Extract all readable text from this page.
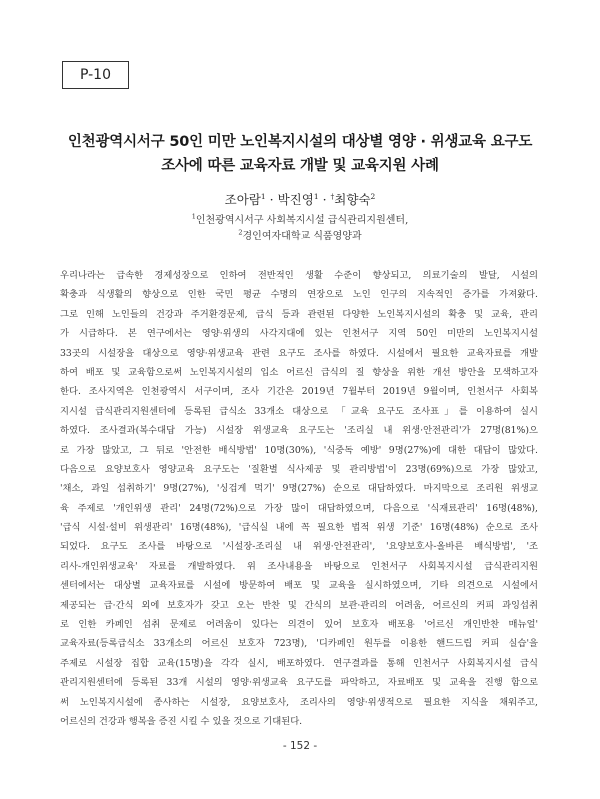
P-10
인천광역시서구 50인 미만 노인복지시설의 대상별 영양 · 위생교육 요구도
조사에 따른 교육자료 개발 및 교육지원 사례
조아람$^1$ · 박진영$^1$ · †최향숙$^2$
$^1$인천광역시서구 사회복지시설 급식관리지원센터,
$^2$경인여자대학교 식품영양과
우리나라는 급속한 경제성장으로 인하여 전반적인 생활 수준이 향상되고, 의료기술의 발달, 시설의
확충과 식생활의 향상으로 인한 국민 평균 수명의 연장으로 노인 인구의 지속적인 증가를 가져왔다.
그로 인해 노인들의 건강과 주거환경문제, 급식 등과 관련된 다양한 노인복지시설의 확충 및 교육, 관리
가 시급하다. 본 연구에서는 영양·위생의 사각지대에 있는 인천서구 지역 50인 미만의 노인복지시설
33곳의 시설장을 대상으로 영양·위생교육 관련 요구도 조사를 하였다. 시설에서 필요한 교육자료를 개발
하여 배포 및 교육함으로써 노인복지시설의 입소 어르신 급식의 질 향상을 위한 개선 방안을 모색하고자
한다. 조사지역은 인천광역시 서구이며, 조사 기간은 2019년 7월부터 2019년 9월이며, 인천서구 사회복
지시설 급식관리지원센터에 등록된 급식소 33개소 대상으로 「교육 요구도 조사표」를 이용하여 실시
하였다. 조사결과(복수대답 가능) 시설장 위생교육 요구도는 '조리실 내 위생·안전관리'가 27명(81%)으
로 가장 많았고, 그 뒤로 '안전한 배식방법' 10명(30%), '식중독 예방' 9명(27%)에 대한 대답이 많았다.
다음으로 요양보호사 영양교육 요구도는 '질환별 식사제공 및 관리방법'이 23명(69%)으로 가장 많았고,
'채소, 과일 섭취하기' 9명(27%), '싱겁게 먹기' 9명(27%) 순으로 대답하였다. 마지막으로 조리원 위생교
육 주제로 '개인위생 관리' 24명(72%)으로 가장 많이 대답하였으며, 다음으로 '식재료관리' 16명(48%),
'급식 시설·설비 위생관리' 16명(48%), '급식실 내에 꼭 필요한 법적 위생 기준' 16명(48%) 순으로 조사
되었다. 요구도 조사를 바탕으로 '시설장-조리실 내 위생·안전관리', '요양보호사-올바른 배식방법', '조
리사-개인위생교육' 자료를 개발하였다. 위 조사내용을 바탕으로 인천서구 사회복지시설 급식관리지원
센터에서는 대상별 교육자료를 시설에 방문하여 배포 및 교육을 실시하였으며, 기타 의견으로 시설에서
제공되는 급·간식 외에 보호자가 갖고 오는 반찬 및 간식의 보관·관리의 어려움, 어르신의 커피 과잉섭취
로 인한 카페인 섭취 문제로 어려움이 있다는 의견이 있어 보호자 배포용 '어르신 개인반찬 매뉴얼'
교육자료(등록급식소 33개소의 어르신 보호자 723명), '디카페인 원두를 이용한 핸드드립 커피 실습'을
주제로 시설장 집합 교육(15명)을 각각 실시, 배포하였다. 연구결과를 통해 인천서구 사회복지시설 급식
관리지원센터에 등록된 33개 시설의 영양·위생교육 요구도를 파악하고, 자료배포 및 교육을 진행 함으로
써 노인복지시설에 종사하는 시설장, 요양보호사, 조리사의 영양·위생적으로 필요한 지식을 채워주고,
어르신의 건강과 행복을 증진 시킬 수 있을 것으로 기대된다.
- 152 -
